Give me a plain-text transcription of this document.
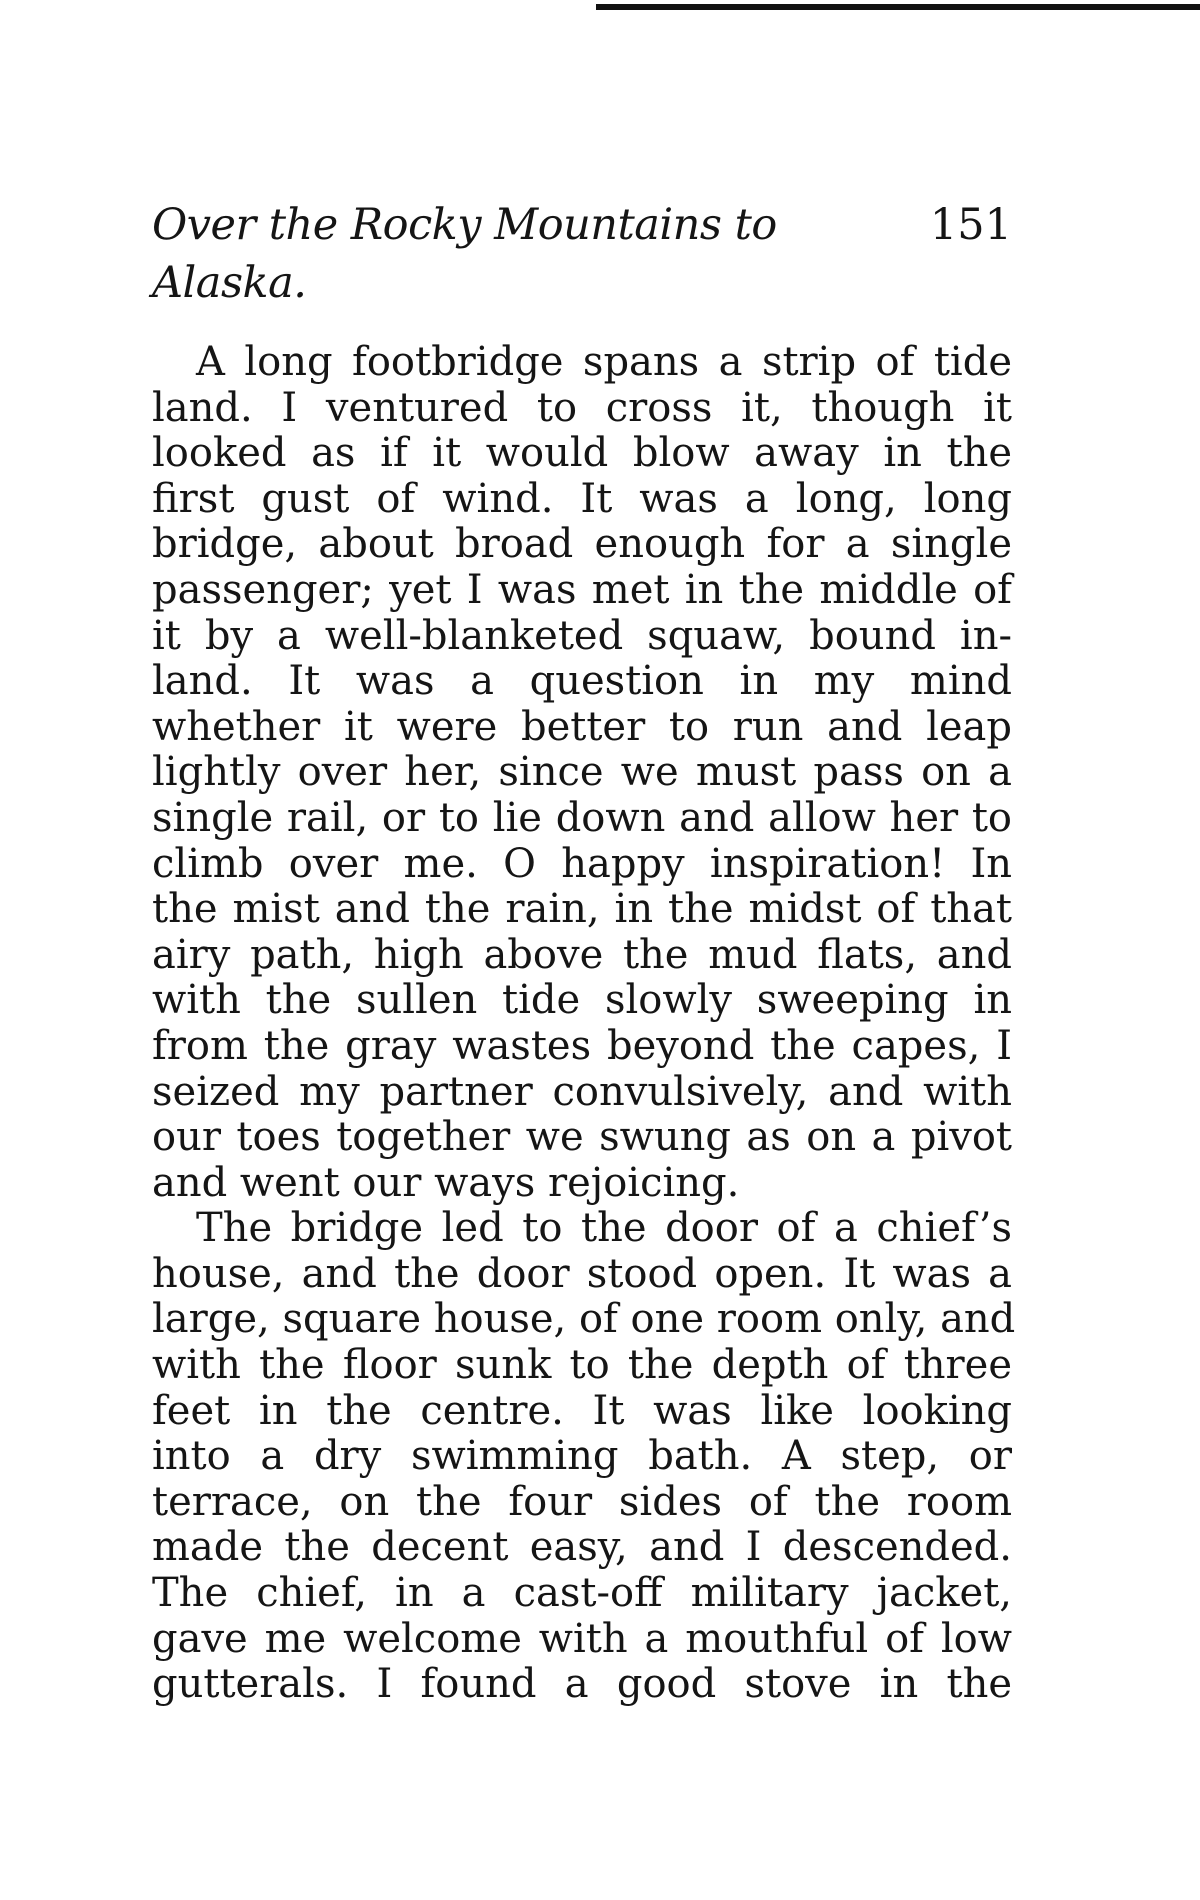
Over the Rocky Mountains to Alaska.
151
A long footbridge spans a strip of tide
land. I ventured to cross it, though it
looked as if it would blow away in the
first gust of wind. It was a long, long
bridge, about broad enough for a single
passenger; yet I was met in the middle of
it by a well-blanketed squaw, bound in-
land. It was a question in my mind
whether it were better to run and leap
lightly over her, since we must pass on a
single rail, or to lie down and allow her to
climb over me. O happy inspiration! In
the mist and the rain, in the midst of that
airy path, high above the mud flats, and
with the sullen tide slowly sweeping in
from the gray wastes beyond the capes, I
seized my partner convulsively, and with
our toes together we swung as on a pivot
and went our ways rejoicing.
The bridge led to the door of a chief’s
house, and the door stood open. It was a
large, square house, of one room only, and
with the floor sunk to the depth of three
feet in the centre. It was like looking
into a dry swimming bath. A step, or
terrace, on the four sides of the room
made the decent easy, and I descended.
The chief, in a cast-off military jacket,
gave me welcome with a mouthful of low
gutterals. I found a good stove in the
